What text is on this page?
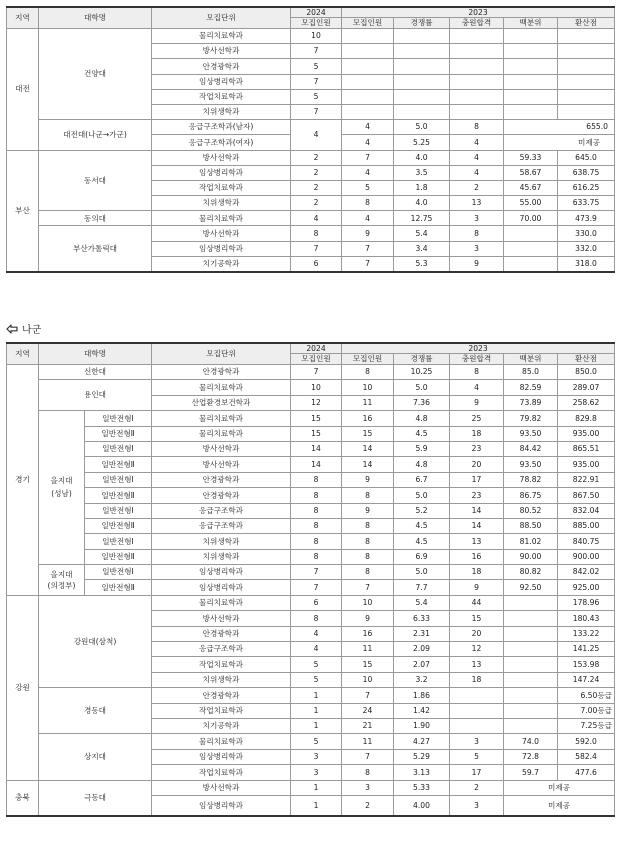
지역	대학명	모집단위	2024	2023				
			모집인원	모집인원	경쟁률	충원합격	백분위	환산점
대전	건양대	물리치료학과	10					
		방사선학과	7					
		안경광학과	5					
		임상병리학과	7					
		작업치료학과	5					
		치위생학과	7					
	대전대(나군→가군)	응급구조학과(남자)	4	4	5.0	8	655.0	
		응급구조학과(여자)		4	5.25	4	미제공	
부산	동서대	방사선학과	2	7	4.0	4	59.33	645.0
		임상병리학과	2	4	3.5	4	58.67	638.75
		작업치료학과	2	5	1.8	2	45.67	616.25
		치위생학과	2	8	4.0	13	55.00	633.75
	동의대	물리치료학과	4	4	12.75	3	70.00	473.9
	부산가톨릭대	방사선학과	8	9	5.4	8		330.0
		임상병리학과	7	7	3.4	3		332.0
		치기공학과	6	7	5.3	9		318.0
나군
지역	대학명		모집단위	2024	2023				
				모집인원	모집인원	경쟁률	충원합격	백분위	환산점
경기	신한대		안경광학과	7	8	10.25	8	85.0	850.0
	용인대		물리치료학과	10	10	5.0	4	82.59	289.07
			산업환경보건학과	12	11	7.36	9	73.89	258.62
	을지대
(성남)	일반전형Ⅰ	물리치료학과	15	16	4.8	25	79.82	829.8
		일반전형Ⅱ	물리치료학과	15	15	4.5	18	93.50	935.00
		일반전형Ⅰ	방사선학과	14	14	5.9	23	84.42	865.51
		일반전형Ⅱ	방사선학과	14	14	4.8	20	93.50	935.00
		일반전형Ⅰ	안경광학과	8	9	6.7	17	78.82	822.91
		일반전형Ⅱ	안경광학과	8	8	5.0	23	86.75	867.50
		일반전형Ⅰ	응급구조학과	8	9	5.2	14	80.52	832.04
		일반전형Ⅱ	응급구조학과	8	8	4.5	14	88.50	885.00
		일반전형Ⅰ	치위생학과	8	8	4.5	13	81.02	840.75
		일반전형Ⅱ	치위생학과	8	8	6.9	16	90.00	900.00
	을지대
(의정부)	일반전형Ⅰ	임상병리학과	7	8	5.0	18	80.82	842.02
		일반전형Ⅱ	임상병리학과	7	7	7.7	9	92.50	925.00
강원	강원대(삼척)		물리치료학과	6	10	5.4	44		178.96
			방사선학과	8	9	6.33	15		180.43
			안경광학과	4	16	2.31	20		133.22
			응급구조학과	4	11	2.09	12		141.25
			작업치료학과	5	15	2.07	13		153.98
			치위생학과	5	10	3.2	18		147.24
	경동대		안경광학과	1	7	1.86			6.50등급
			작업치료학과	1	24	1.42			7.00등급
			치기공학과	1	21	1.90			7.25등급
	상지대		물리치료학과	5	11	4.27	3	74.0	592.0
			임상병리학과	3	7	5.29	5	72.8	582.4
			작업치료학과	3	8	3.13	17	59.7	477.6
충북	극동대		방사선학과	1	3	5.33	2	미제공	
			임상병리학과	1	2	4.00	3	미제공	
